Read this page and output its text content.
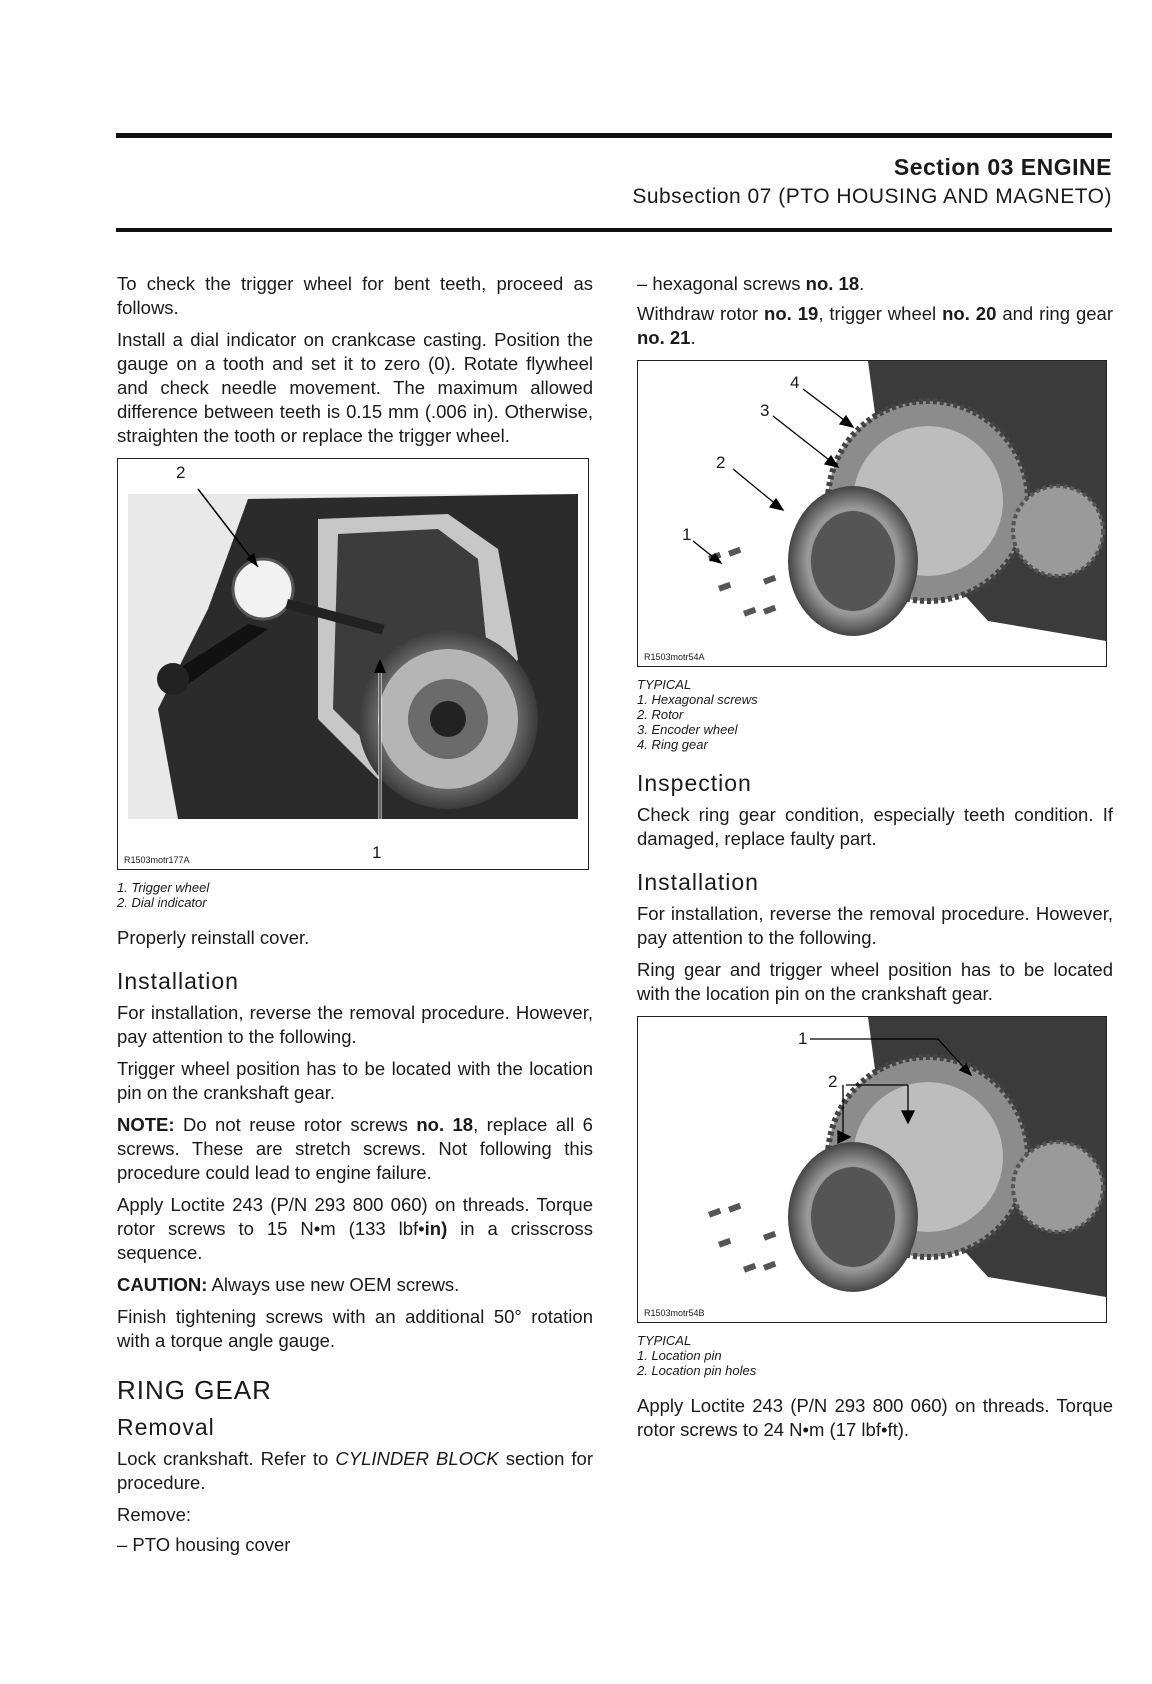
Section 03 ENGINE
Subsection 07 (PTO HOUSING AND MAGNETO)

To check the trigger wheel for bent teeth, proceed as follows.

Install a dial indicator on crankcase casting. Position the gauge on a tooth and set it to zero (0). Rotate flywheel and check needle movement. The maximum allowed difference between teeth is 0.15 mm (.006 in). Otherwise, straighten the tooth or replace the trigger wheel.

2
1
R1503motr177A
1. Trigger wheel
2. Dial indicator

Properly reinstall cover.

Installation

For installation, reverse the removal procedure. However, pay attention to the following.

Trigger wheel position has to be located with the location pin on the crankshaft gear.

NOTE: Do not reuse rotor screws no. 18, replace all 6 screws. These are stretch screws. Not following this procedure could lead to engine failure.

Apply Loctite 243 (P/N 293 800 060) on threads. Torque rotor screws to 15 N•m (133 lbf•in) in a crisscross sequence.

CAUTION: Always use new OEM screws.

Finish tightening screws with an additional 50° rotation with a torque angle gauge.

RING GEAR
Removal

Lock crankshaft. Refer to CYLINDER BLOCK section for procedure.

Remove:
– PTO housing cover
– hexagonal screws no. 18.

Withdraw rotor no. 19, trigger wheel no. 20 and ring gear no. 21.

1
2
3
4
R1503motr54A
TYPICAL
1. Hexagonal screws
2. Rotor
3. Encoder wheel
4. Ring gear
Inspection

Check ring gear condition, especially teeth condition. If damaged, replace faulty part.

Installation

For installation, reverse the removal procedure. However, pay attention to the following.

Ring gear and trigger wheel position has to be located with the location pin on the crankshaft gear.

1
2
R1503motr54B
TYPICAL
1. Location pin
2. Location pin holes

Apply Loctite 243 (P/N 293 800 060) on threads. Torque rotor screws to 24 N•m (17 lbf•ft).
